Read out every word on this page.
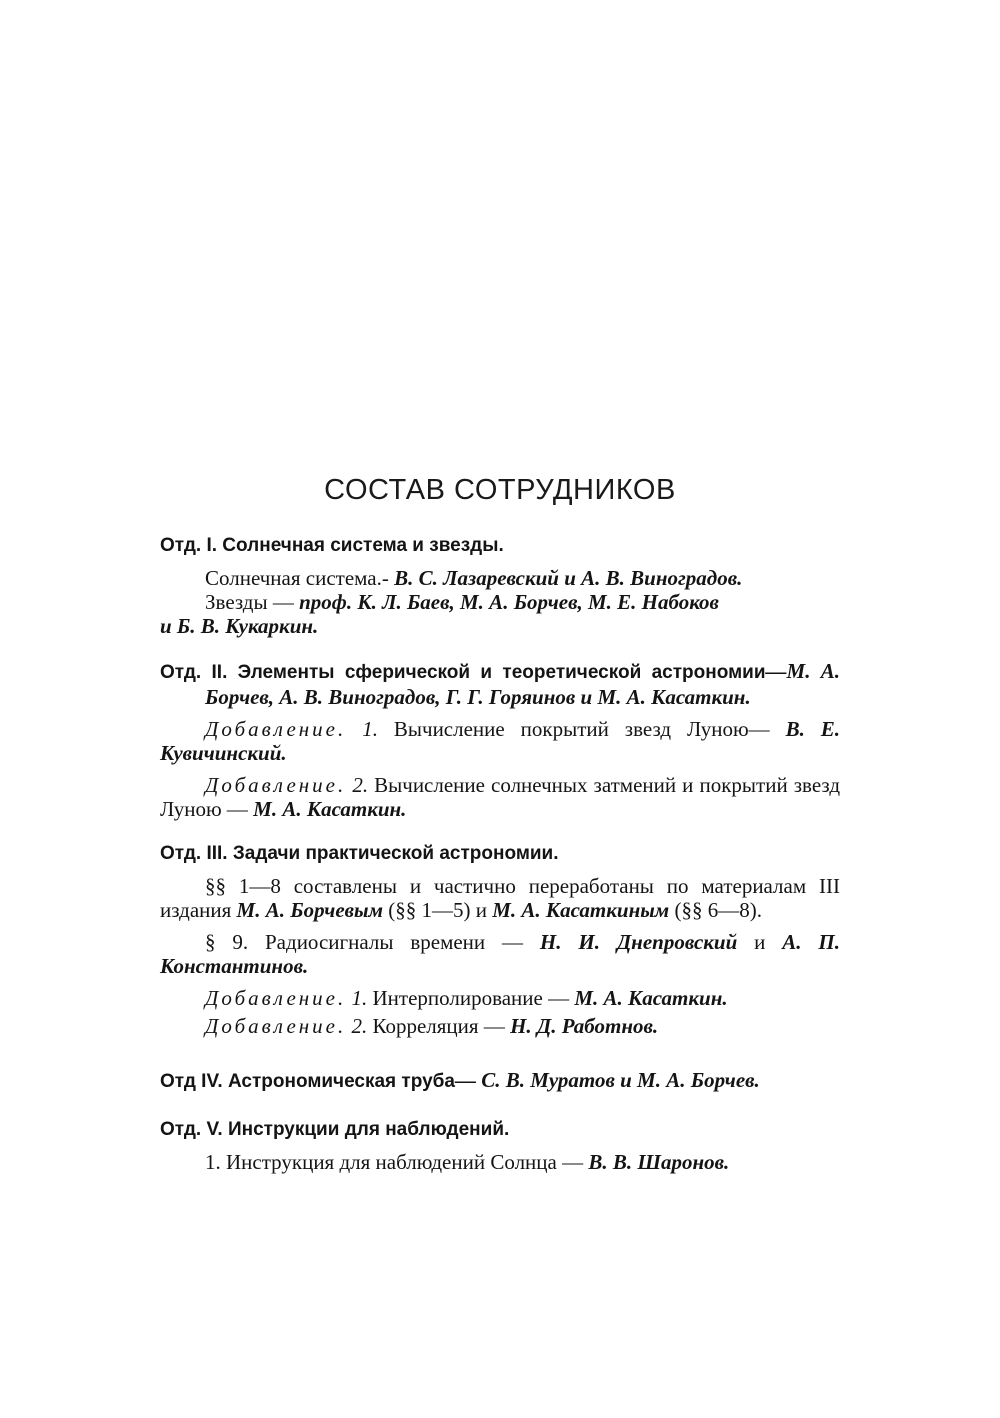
СОСТАВ СОТРУДНИКОВ
Отд. I. Солнечная система и звезды.
Солнечная система.- В. С. Лазаревский и А. В. Виноградов.
Звезды — проф. К. Л. Баев, М. А. Борчев, М. Е. Набоков
и Б. В. Кукаркин.
Отд. II. Элементы сферической и теоретической астрономии—М. А. Борчев, А. В. Виноградов, Г. Г. Горяинов и М. А. Касаткин.
Добавление. 1. Вычисление покрытий звезд Луною— В. Е. Кувичинский.
Добавление. 2. Вычисление солнечных затмений и покрытий звезд Луною — М. А. Касаткин.
Отд. III. Задачи практической астрономии.
§§ 1—8 составлены и частично переработаны по материалам III издания М. А. Борчевым (§§ 1—5) и М. А. Касаткиным (§§ 6—8).
§ 9. Радиосигналы времени — Н. И. Днепровский и А. П. Константинов.
Добавление. 1. Интерполирование — М. А. Касаткин.
Добавление. 2. Корреляция — Н. Д. Работнов.
Отд IV. Астрономическая труба— С. В. Муратов и М. А. Борчев.
Отд. V. Инструкции для наблюдений.
1. Инструкция для наблюдений Солнца — В. В. Шаронов.
